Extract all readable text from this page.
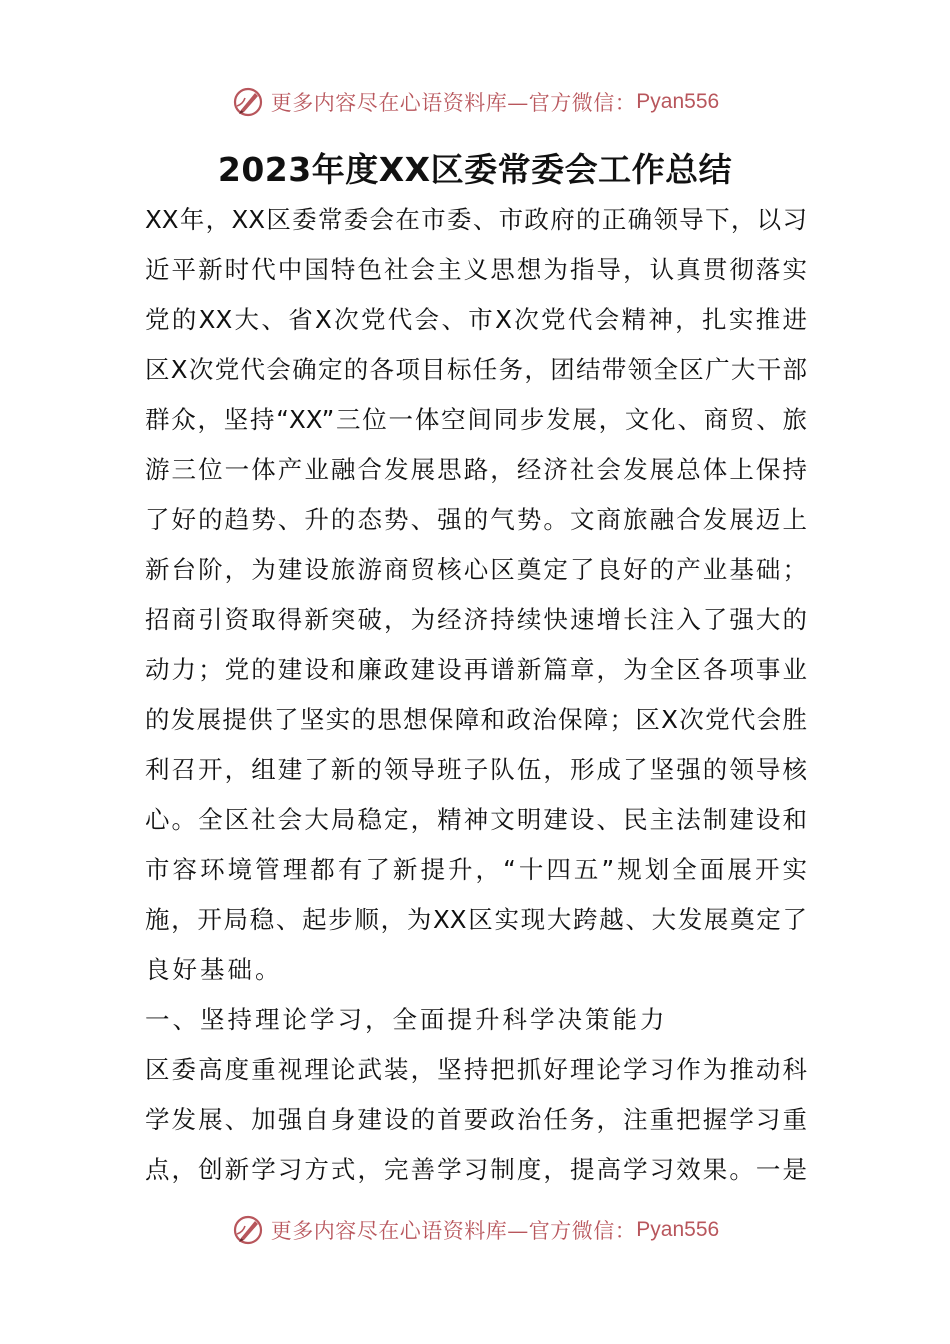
更多内容尽在心语资料库—官方微信： Pyan556
2023年度XX区委常委会工作总结
XX年，XX区委常委会在市委、市政府的正确领导下，以习
近平新时代中国特色社会主义思想为指导，认真贯彻落实
党的XX大、省X次党代会、市X次党代会精神，扎实推进
区X次党代会确定的各项目标任务，团结带领全区广大干部
群众，坚持“XX”三位一体空间同步发展，文化、商贸、旅
游三位一体产业融合发展思路，经济社会发展总体上保持
了好的趋势、升的态势、强的气势。文商旅融合发展迈上
新台阶，为建设旅游商贸核心区奠定了良好的产业基础；
招商引资取得新突破，为经济持续快速增长注入了强大的
动力；党的建设和廉政建设再谱新篇章，为全区各项事业
的发展提供了坚实的思想保障和政治保障；区X次党代会胜
利召开，组建了新的领导班子队伍，形成了坚强的领导核
心。全区社会大局稳定，精神文明建设、民主法制建设和
市容环境管理都有了新提升，“十四五”规划全面展开实
施，开局稳、起步顺，为XX区实现大跨越、大发展奠定了
良好基础。
一、坚持理论学习，全面提升科学决策能力
区委高度重视理论武装，坚持把抓好理论学习作为推动科
学发展、加强自身建设的首要政治任务，注重把握学习重
点，创新学习方式，完善学习制度，提高学习效果。一是
更多内容尽在心语资料库—官方微信： Pyan556
